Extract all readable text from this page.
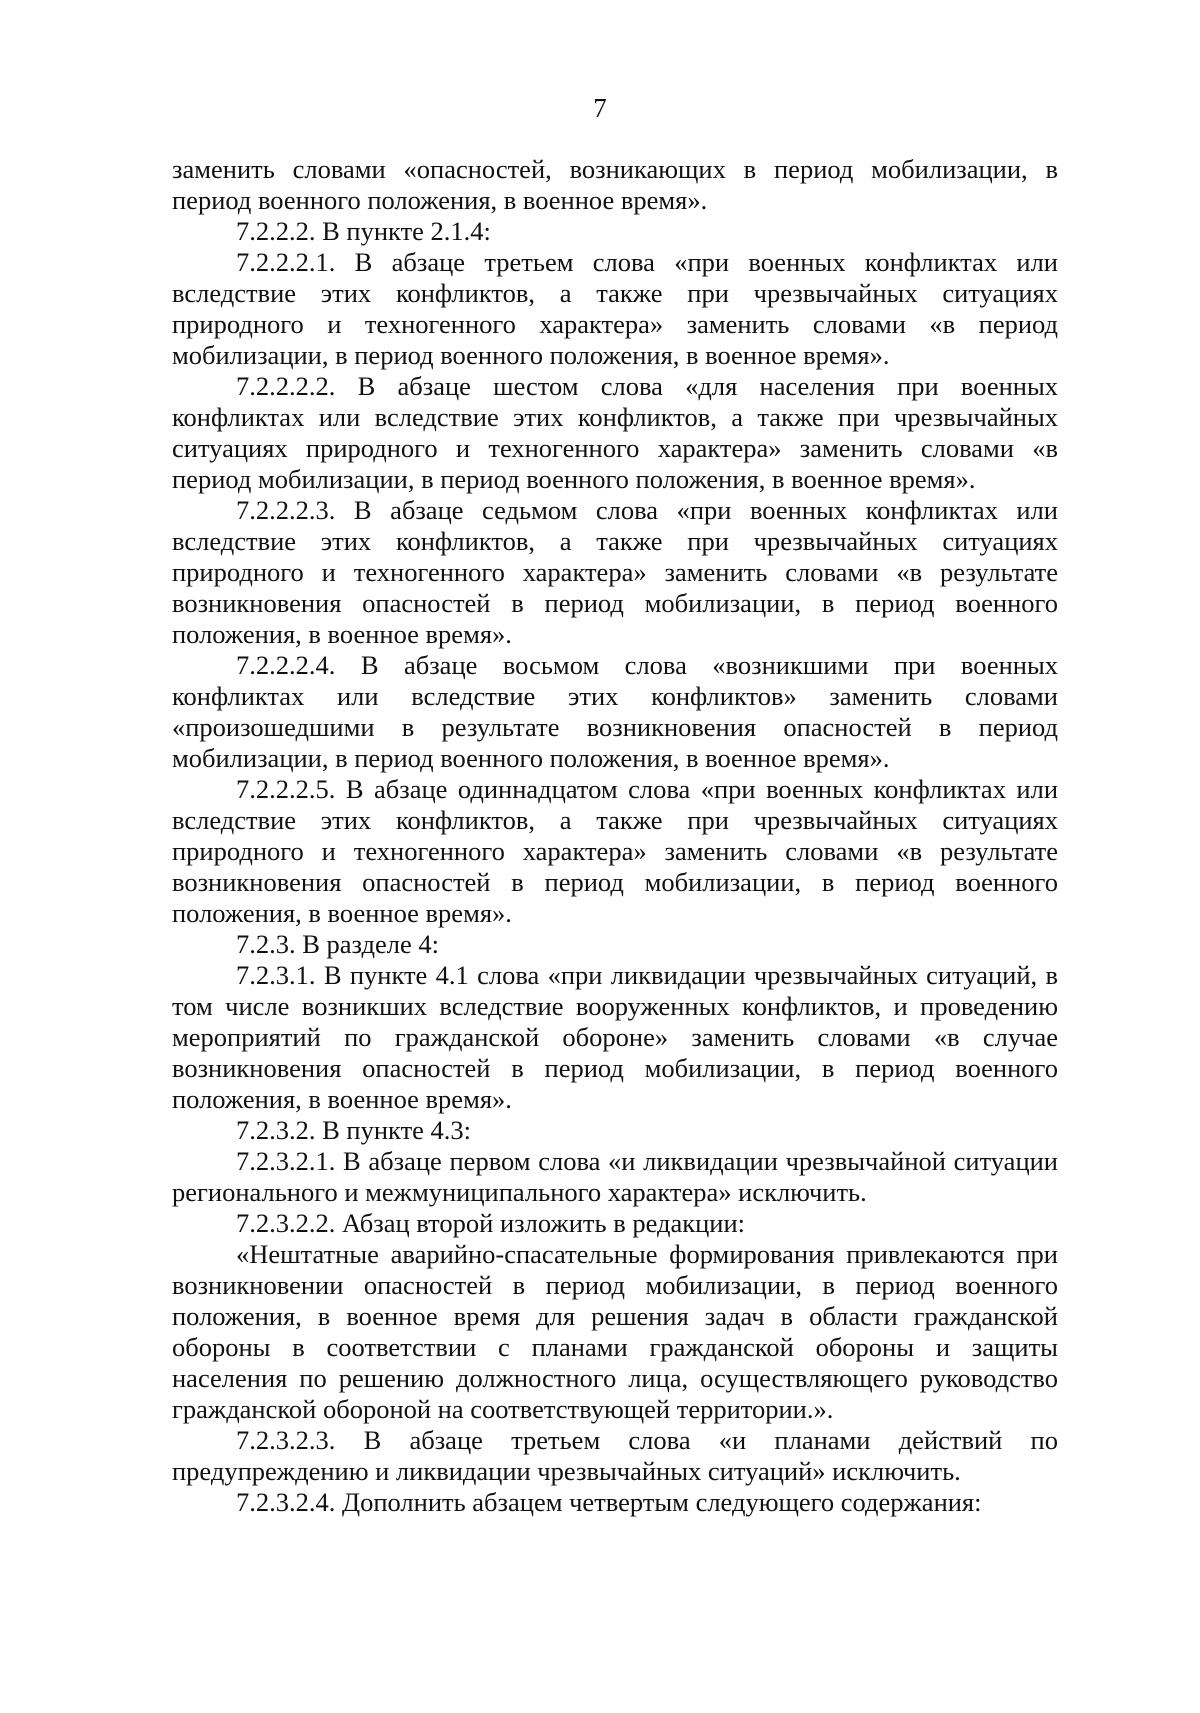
7

заменить словами «опасностей, возникающих в период мобилизации, в период военного положения, в военное время».

7.2.2.2. В пункте 2.1.4:

7.2.2.2.1. В абзаце третьем слова «при военных конфликтах или вследствие этих конфликтов, а также при чрезвычайных ситуациях природного и техногенного характера» заменить словами «в период мобилизации, в период военного положения, в военное время».

7.2.2.2.2. В абзаце шестом слова «для населения при военных конфликтах или вследствие этих конфликтов, а также при чрезвычайных ситуациях природного и техногенного характера» заменить словами «в период мобилизации, в период военного положения, в военное время».

7.2.2.2.3. В абзаце седьмом слова «при военных конфликтах или вследствие этих конфликтов, а также при чрезвычайных ситуациях природного и техногенного характера» заменить словами «в результате возникновения опасностей в период мобилизации, в период военного положения, в военное время».

7.2.2.2.4. В абзаце восьмом слова «возникшими при военных конфликтах или вследствие этих конфликтов» заменить словами «произошедшими в результате возникновения опасностей в период мобилизации, в период военного положения, в военное время».

7.2.2.2.5. В абзаце одиннадцатом слова «при военных конфликтах или вследствие этих конфликтов, а также при чрезвычайных ситуациях природного и техногенного характера» заменить словами «в результате возникновения опасностей в период мобилизации, в период военного положения, в военное время».

7.2.3. В разделе 4:

7.2.3.1. В пункте 4.1 слова «при ликвидации чрезвычайных ситуаций, в том числе возникших вследствие вооруженных конфликтов, и проведению мероприятий по гражданской обороне» заменить словами «в случае возникновения опасностей в период мобилизации, в период военного положения, в военное время».

7.2.3.2. В пункте 4.3:

7.2.3.2.1. В абзаце первом слова «и ликвидации чрезвычайной ситуации регионального и межмуниципального характера» исключить.

7.2.3.2.2. Абзац второй изложить в редакции:

«Нештатные аварийно-спасательные формирования привлекаются при возникновении опасностей в период мобилизации, в период военного положения, в военное время для решения задач в области гражданской обороны в соответствии с планами гражданской обороны и защиты населения по решению должностного лица, осуществляющего руководство гражданской обороной на соответствующей территории.».

7.2.3.2.3. В абзаце третьем слова «и планами действий по предупреждению и ликвидации чрезвычайных ситуаций» исключить.

7.2.3.2.4. Дополнить абзацем четвертым следующего содержания:
